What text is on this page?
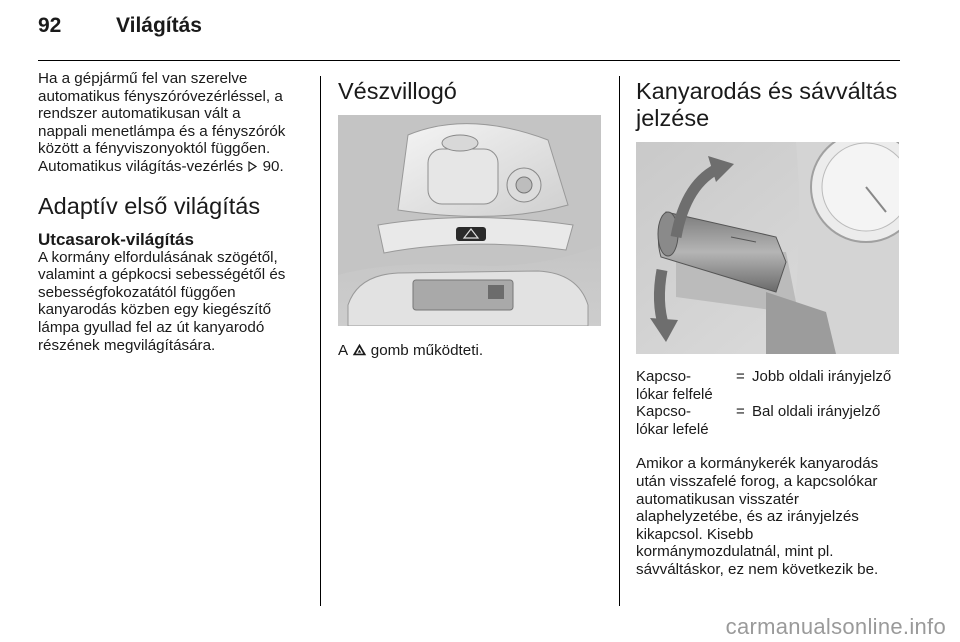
92	Világítás

Ha a gépjármű fel van szerelve
automatikus fényszóróvezérléssel, a
rendszer automatikusan vált a
nappali menetlámpa és a fényszórók
között a fényviszonyoktól függően.
Automatikus világítás-vezérlés 90.

Adaptív első világítás
Utcasarok-világítás

A kormány elfordulásának szögétől,
valamint a gépkocsi sebességétől és
sebességfokozatától függően
kanyarodás közben egy kiegészítő
lámpa gyullad fel az út kanyarodó
részének megvilágítására.

Vészvillogó

A gomb működteti.

Kanyarodás és sávváltás
jelzése
Kapcso-
lókar felfelé	=	Jobb oldali irányjelző
Kapcso-
lókar lefelé	=	Bal oldali irányjelző

Amikor a kormánykerék kanyarodás
után visszafelé forog, a kapcsolókar
automatikusan visszatér
alaphelyzetébe, és az irányjelzés
kikapcsol. Kisebb
kormánymozdulatnál, mint pl.
sávváltáskor, ez nem következik be.

carmanualsonline.info
